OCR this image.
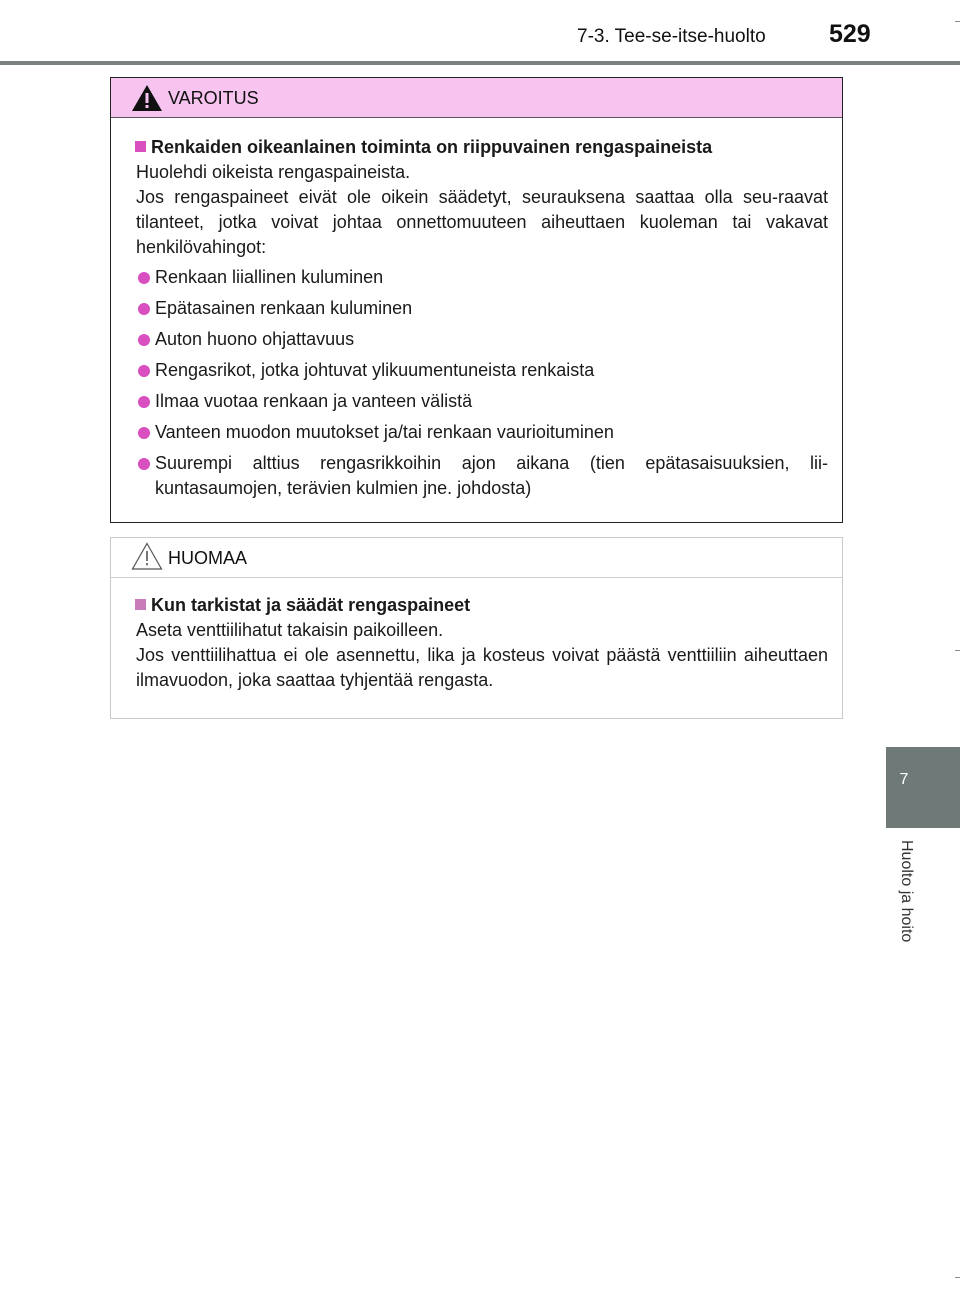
7-3. Tee-se-itse-huolto	529
7
Huolto ja hoito
VAROITUS
Renkaiden oikeanlainen toiminta on riippuvainen rengaspaineista
Huolehdi oikeista rengaspaineista.
Jos rengaspaineet eivät ole oikein säädetyt, seurauksena saattaa olla seu-raavat tilanteet, jotka voivat johtaa onnettomuuteen aiheuttaen kuoleman tai vakavat henkilövahingot:
Renkaan liiallinen kuluminen
Epätasainen renkaan kuluminen
Auton huono ohjattavuus
Rengasrikot, jotka johtuvat ylikuumentuneista renkaista
Ilmaa vuotaa renkaan ja vanteen välistä
Vanteen muodon muutokset ja/tai renkaan vaurioituminen
Suurempi alttius rengasrikkoihin ajon aikana (tien epätasaisuuksien, lii-kuntasaumojen, terävien kulmien jne. johdosta)
HUOMAA
Kun tarkistat ja säädät rengaspaineet
Aseta venttiilihatut takaisin paikoilleen.
Jos venttiilihattua ei ole asennettu, lika ja kosteus voivat päästä venttiiliin aiheuttaen ilmavuodon, joka saattaa tyhjentää rengasta.
